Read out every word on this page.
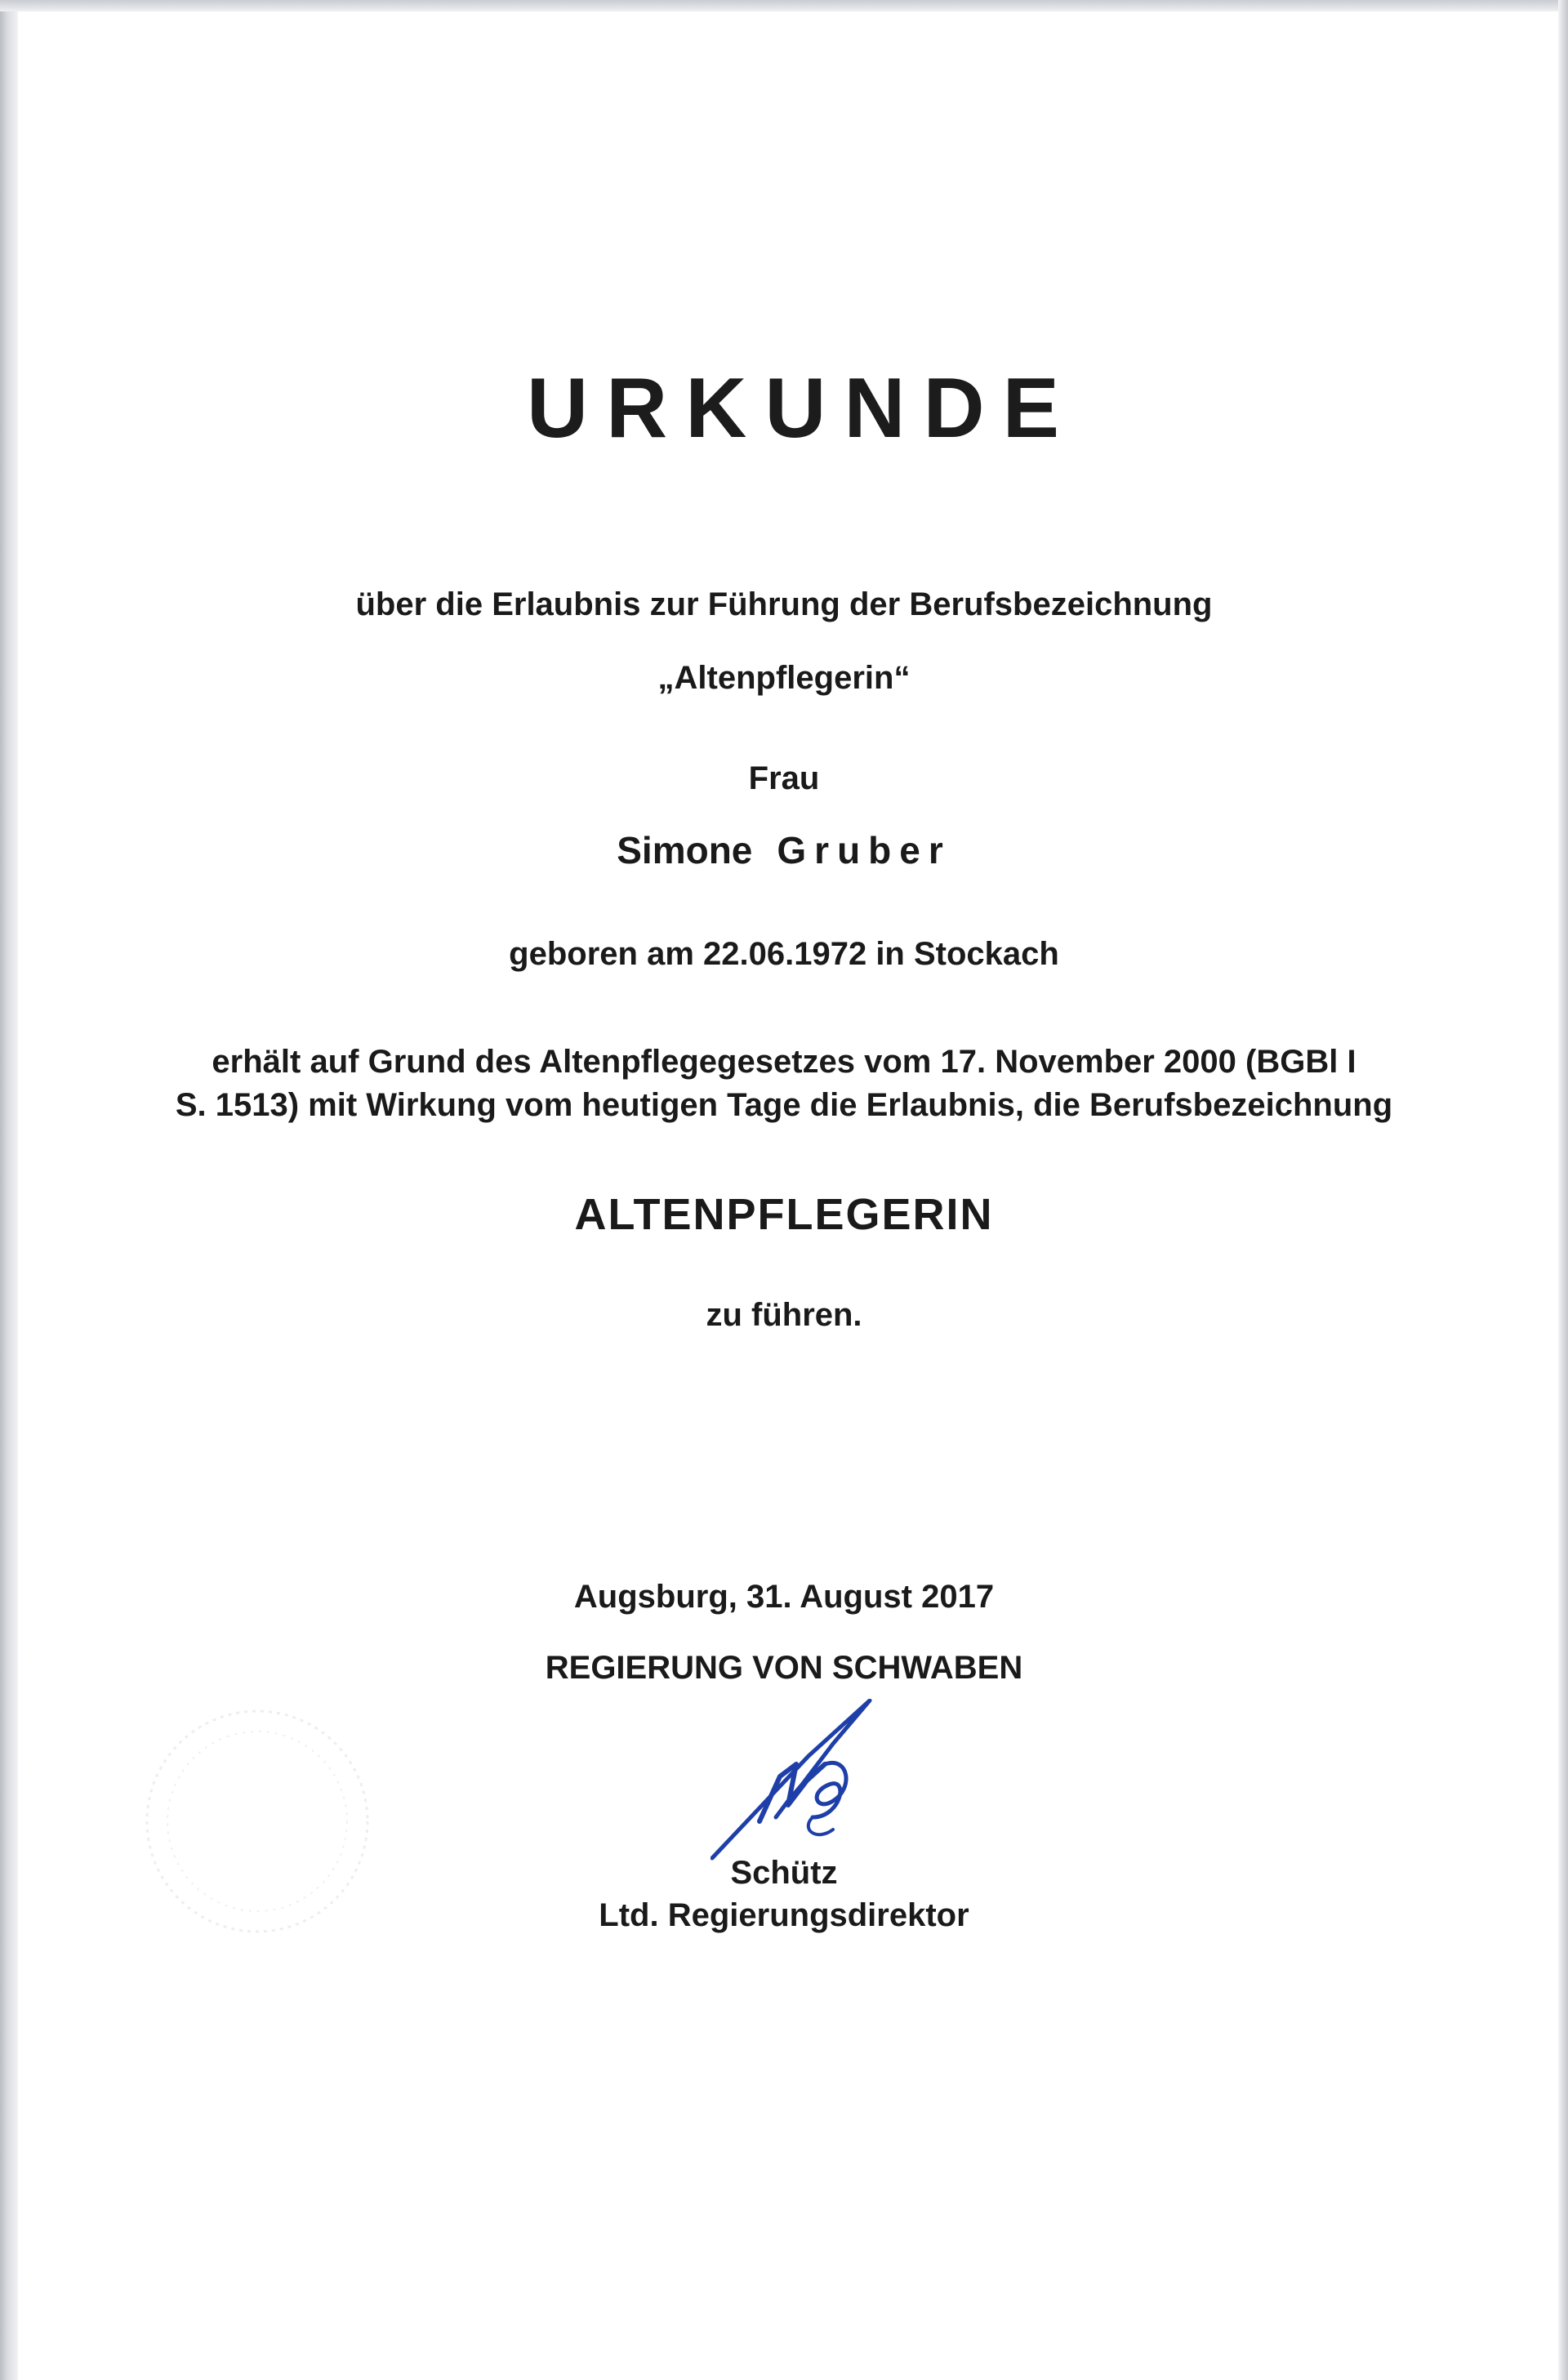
URKUNDE
über die Erlaubnis zur Führung der Berufsbezeichnung
„Altenpflegerin“
Frau
Simone Gruber
geboren am 22.06.1972 in Stockach
erhält auf Grund des Altenpflegegesetzes vom 17. November 2000 (BGBl I
S. 1513) mit Wirkung vom heutigen Tage die Erlaubnis, die Berufsbezeichnung
ALTENPFLEGERIN
zu führen.
Augsburg, 31. August 2017
REGIERUNG VON SCHWABEN
Schütz
Ltd. Regierungsdirektor
